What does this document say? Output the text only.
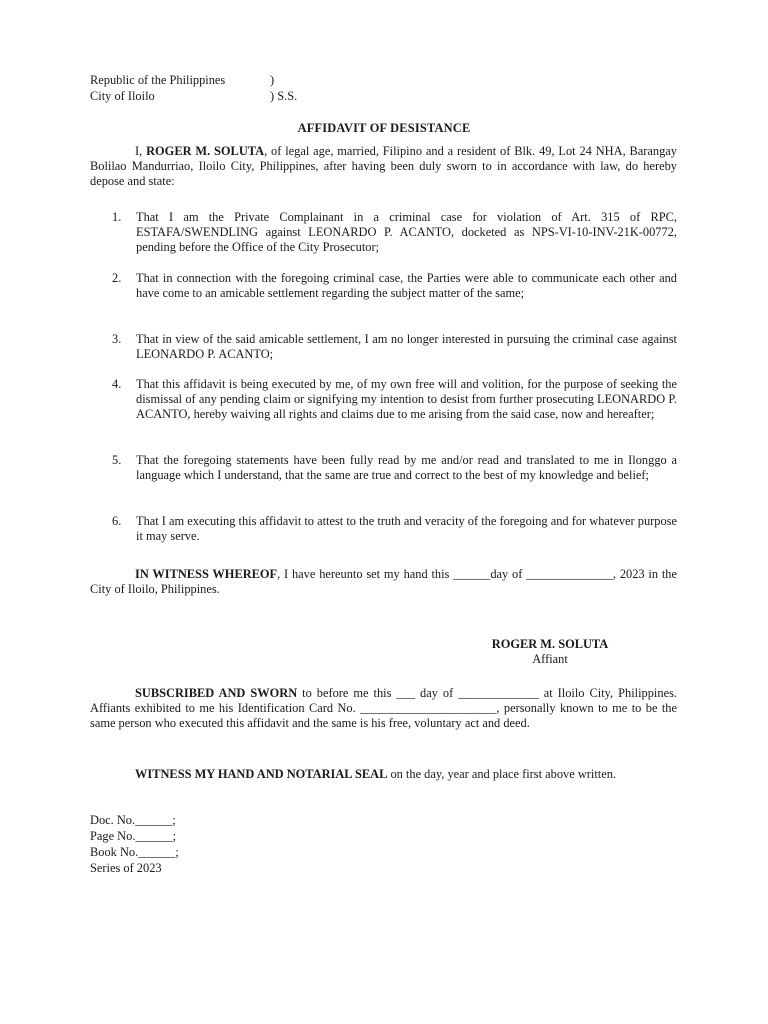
Republic of the Philippines	)
City of Iloilo	) S.S.
AFFIDAVIT OF DESISTANCE
I, ROGER M. SOLUTA, of legal age, married, Filipino and a resident of Blk. 49, Lot 24 NHA, Barangay Bolilao Mandurriao, Iloilo City, Philippines, after having been duly sworn to in accordance with law, do hereby depose and state:
1.	That I am the Private Complainant in a criminal case for violation of Art. 315 of RPC, ESTAFA/SWENDLING against LEONARDO P. ACANTO, docketed as NPS-VI-10-INV-21K-00772, pending before the Office of the City Prosecutor;
2.	That in connection with the foregoing criminal case, the Parties were able to communicate each other and have come to an amicable settlement regarding the subject matter of the same;
3.	That in view of the said amicable settlement, I am no longer interested in pursuing the criminal case against LEONARDO P. ACANTO;
4.	That this affidavit is being executed by me, of my own free will and volition, for the purpose of seeking the dismissal of any pending claim or signifying my intention to desist from further prosecuting LEONARDO P. ACANTO, hereby waiving all rights and claims due to me arising from the said case, now and hereafter;
5.	That the foregoing statements have been fully read by me and/or read and translated to me in Ilonggo a language which I understand, that the same are true and correct to the best of my knowledge and belief;
6.	That I am executing this affidavit to attest to the truth and veracity of the foregoing and for whatever purpose it may serve.
IN WITNESS WHEREOF, I have hereunto set my hand this ______day of ______________, 2023 in the City of Iloilo, Philippines.
ROGER M. SOLUTA
Affiant
SUBSCRIBED AND SWORN to before me this ___ day of _____________ at Iloilo City, Philippines. Affiants exhibited to me his Identification Card No. ______________________, personally known to me to be the same person who executed this affidavit and the same is his free, voluntary act and deed.
WITNESS MY HAND AND NOTARIAL SEAL on the day, year and place first above written.
Doc. No.______;
Page No.______;
Book No.______;
Series of 2023
